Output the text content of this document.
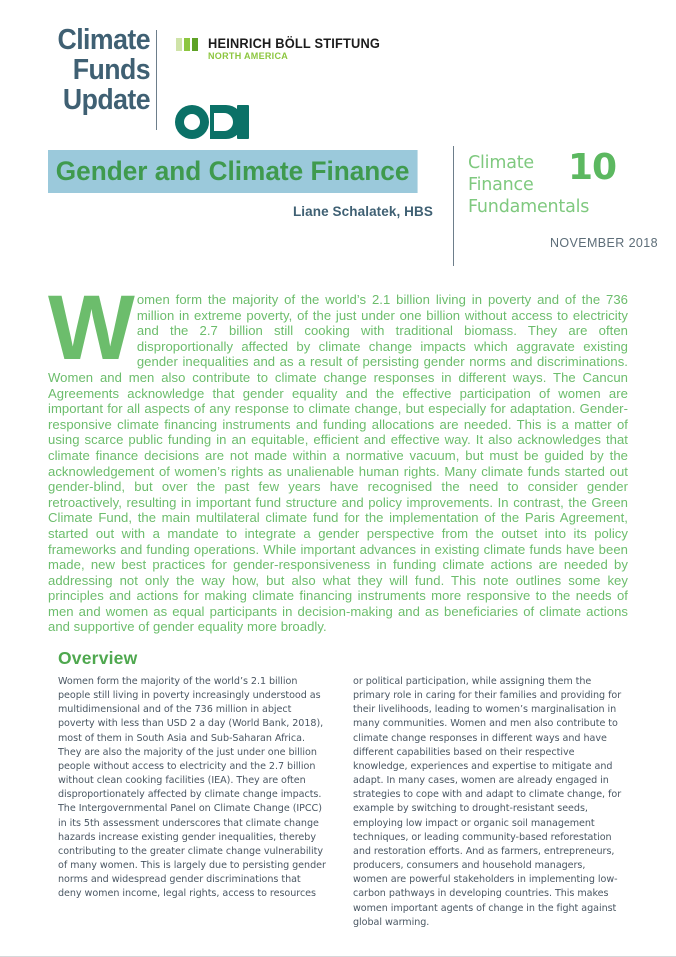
Climate
Funds
Update
HEINRICH BÖLL STIFTUNG
NORTH AMERICA
Gender and Climate Finance
Liane Schalatek, HBS
Climate
Finance
Fundamentals
10
NOVEMBER 2018
Women form the majority of the world’s 2.1 billion living in poverty and of the 736 million in extreme poverty, of the just under one billion without access to electricity and the 2.7 billion still cooking with traditional biomass. They are often disproportionally affected by climate change impacts which aggravate existing gender inequalities and as a result of persisting gender norms and discriminations. Women and men also contribute to climate change responses in different ways. The Cancun Agreements acknowledge that gender equality and the effective participation of women are important for all aspects of any response to climate change, but especially for adaptation. Gender-responsive climate financing instruments and funding allocations are needed. This is a matter of using scarce public funding in an equitable, efficient and effective way. It also acknowledges that climate finance decisions are not made within a normative vacuum, but must be guided by the acknowledgement of women’s rights as unalienable human rights. Many climate funds started out gender-blind, but over the past few years have recognised the need to consider gender retroactively, resulting in important fund structure and policy improvements. In contrast, the Green Climate Fund, the main multilateral climate fund for the implementation of the Paris Agreement, started out with a mandate to integrate a gender perspective from the outset into its policy frameworks and funding operations. While important advances in existing climate funds have been made, new best practices for gender-responsiveness in funding climate actions are needed by addressing not only the way how, but also what they will fund. This note outlines some key principles and actions for making climate financing instruments more responsive to the needs of men and women as equal participants in decision-making and as beneficiaries of climate actions and supportive of gender equality more broadly.
Overview

Women form the majority of the world’s 2.1 billion people still living in poverty increasingly understood as multidimensional and of the 736 million in abject poverty with less than USD 2 a day (World Bank, 2018), most of them in South Asia and Sub-Saharan Africa. They are also the majority of the just under one billion people without access to electricity and the 2.7 billion without clean cooking facilities (IEA). They are often disproportionately affected by climate change impacts. The Intergovernmental Panel on Climate Change (IPCC) in its 5th assessment underscores that climate change hazards increase existing gender inequalities, thereby contributing to the greater climate change vulnerability of many women. This is largely due to persisting gender norms and widespread gender discriminations that deny women income, legal rights, access to resources

or political participation, while assigning them the primary role in caring for their families and providing for their livelihoods, leading to women’s marginalisation in many communities. Women and men also contribute to climate change responses in different ways and have different capabilities based on their respective knowledge, experiences and expertise to mitigate and adapt. In many cases, women are already engaged in strategies to cope with and adapt to climate change, for example by switching to drought-resistant seeds, employing low impact or organic soil management techniques, or leading community-based reforestation and restoration efforts. And as farmers, entrepreneurs, producers, consumers and household managers, women are powerful stakeholders in implementing low-carbon pathways in developing countries. This makes women important agents of change in the fight against global warming.
